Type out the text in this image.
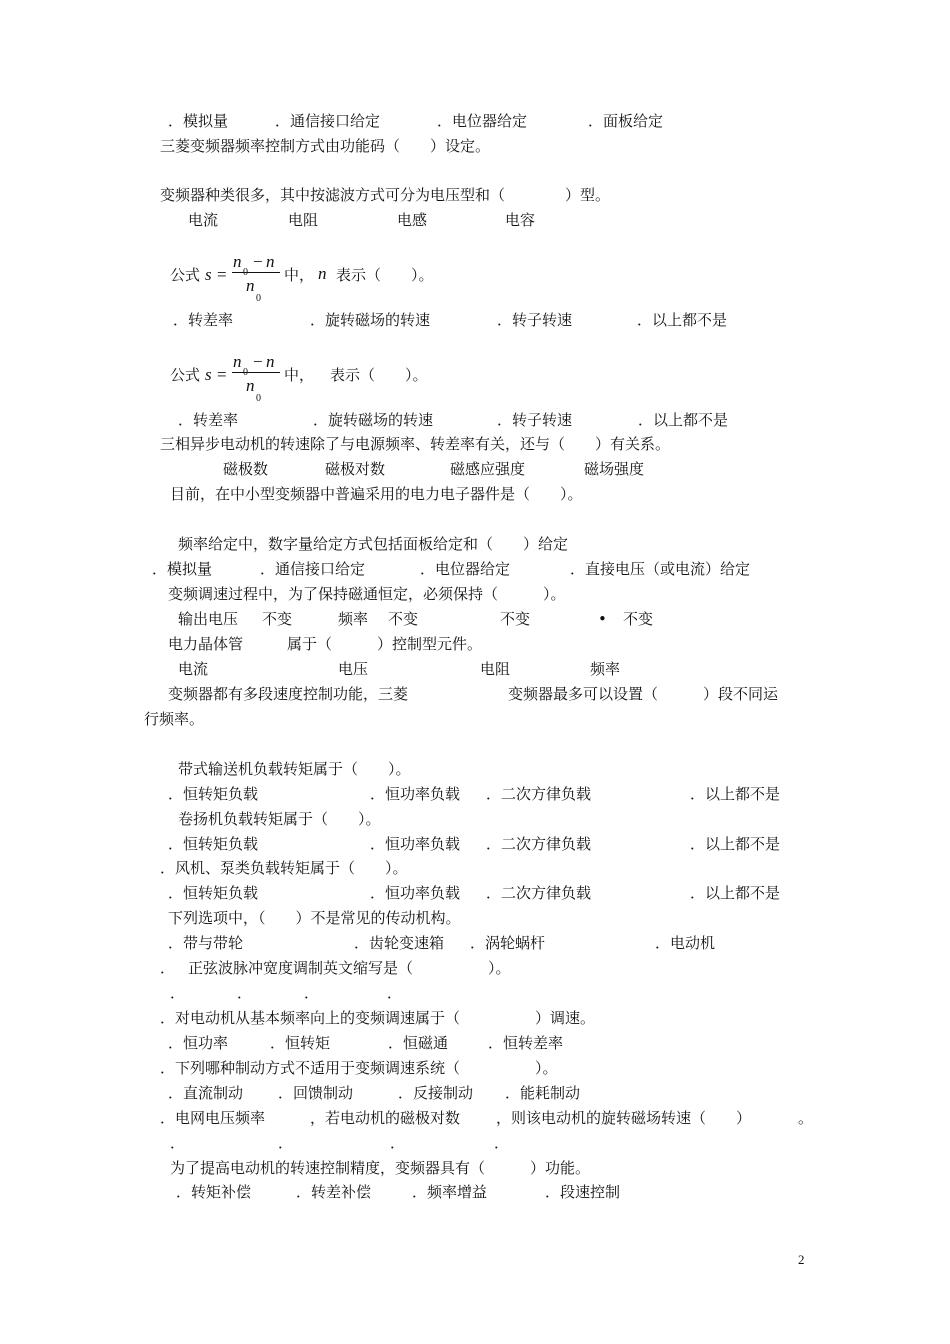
．模拟量	．通信接口给定	．电位器给定	．面板给定
三菱变频器频率控制方式由功能码（　　）设定。
变频器种类很多，其中按滤波方式可分为电压型和（　　　　）型。
电流	电阻	电感	电容
．转差率	．旋转磁场的转速	．转子转速	．以上都不是
．转差率	．旋转磁场的转速	．转子转速	．以上都不是
三相异步电动机的转速除了与电源频率、转差率有关，还与（　　）有关系。
磁极数	磁极对数	磁感应强度	磁场强度
目前，在中小型变频器中普遍采用的电力电子器件是（　　）。
频率给定中，数字量给定方式包括面板给定和（　　）给定
．模拟量	．通信接口给定	．电位器给定	．直接电压（或电流）给定
变频调速过程中，为了保持磁通恒定，必须保持（　　　）。
输出电压 不变	频率 不变	不变	• 不变
电力晶体管	属于（　　　）控制型元件。
电流	电压	电阻	频率
变频器都有多段速度控制功能，三菱	变频器最多可以设置（　　　）段不同运
行频率。
带式输送机负载转矩属于（　　）。
．恒转矩负载	．恒功率负载 ．二次方律负载	．以上都不是
卷扬机负载转矩属于（　　）。
．恒转矩负载	．恒功率负载 ．二次方律负载	．以上都不是
．风机、泵类负载转矩属于（　　）。
．恒转矩负载	．恒功率负载 ．二次方律负载	．以上都不是
下列选项中，（　　）不是常见的传动机构。
．带与带轮	．齿轮变速箱 ．涡轮蜗杆	．电动机
． 正弦波脉冲宽度调制英文缩写是（　　　　　）。
．	．	．	．
．对电动机从基本频率向上的变频调速属于（　　　　　）调速。
．恒功率	．恒转矩	．恒磁通	．恒转差率
．下列哪种制动方式不适用于变频调速系统（　　　　　）。
．直流制动 ．回馈制动	．反接制动 ．能耗制动
．电网电压频率	，若电动机的磁极对数 ，则该电动机的旋转磁场转速（　　）	。
．	．	．	．
为了提高电动机的转速控制精度，变频器具有（　　　）功能。
．转矩补偿	．转差补偿	．频率增益	．段速控制
公式 s =
n − n
n
0
中， n 表示（　　）。
公式 s =
n − n
n
0
中， 表示（　　）。
2
